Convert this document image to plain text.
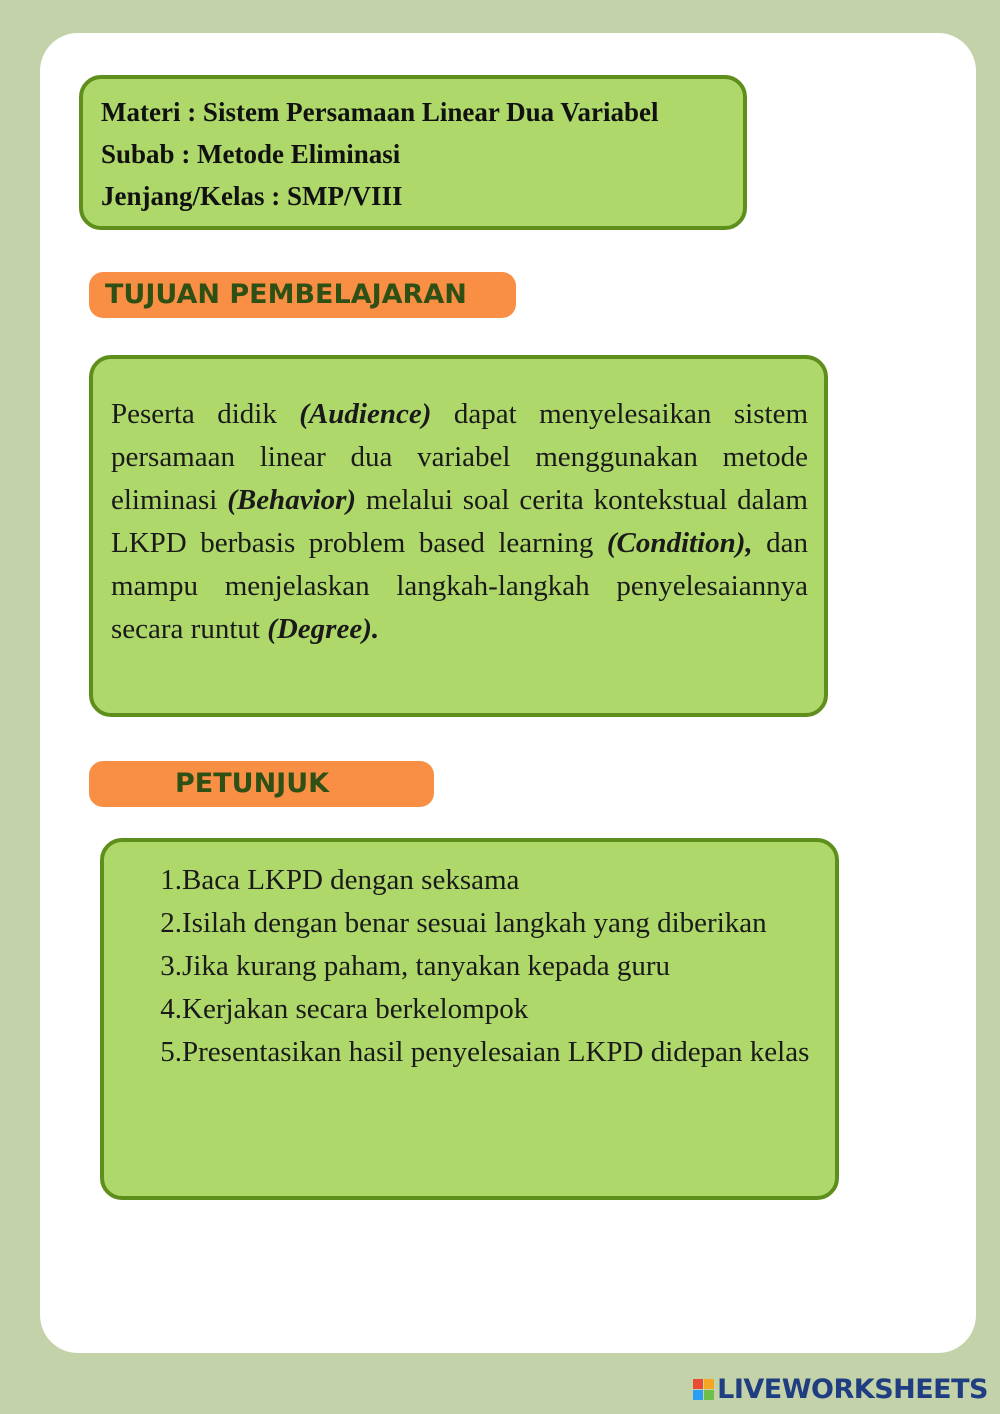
Materi : Sistem Persamaan Linear Dua Variabel
Subab : Metode Eliminasi
Jenjang/Kelas : SMP/VIII
TUJUAN PEMBELAJARAN
Peserta didik (Audience) dapat menyelesaikan sistem persamaan linear dua variabel menggunakan metode eliminasi (Behavior) melalui soal cerita kontekstual dalam LKPD berbasis problem based learning (Condition), dan mampu menjelaskan langkah-langkah penyelesaiannya secara runtut (Degree).
PETUNJUK
1. Baca LKPD dengan seksama
2. Isilah dengan benar sesuai langkah yang diberikan
3. Jika kurang paham, tanyakan kepada guru
4. Kerjakan secara berkelompok
5. Presentasikan hasil penyelesaian LKPD didepan kelas
LIVEWORKSHEETS
